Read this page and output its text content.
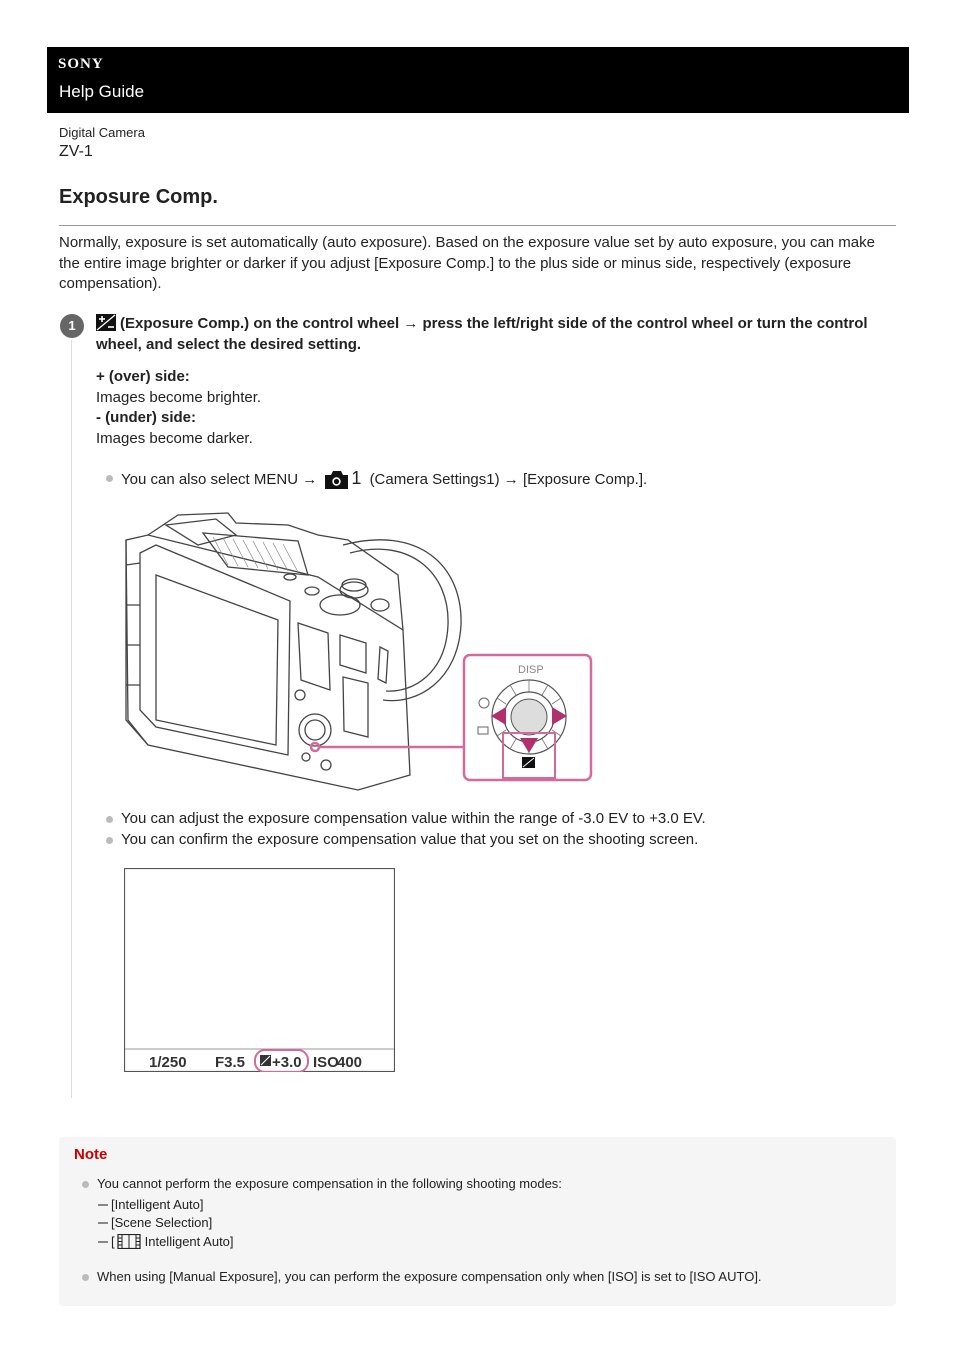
SONY
Help Guide
Digital Camera
ZV-1
Exposure Comp.
Normally, exposure is set automatically (auto exposure). Based on the exposure value set by auto exposure, you can make the entire image brighter or darker if you adjust [Exposure Comp.] to the plus side or minus side, respectively (exposure compensation).
1	(Exposure Comp.) on the control wheel → press the left/right side of the control wheel or turn the control wheel, and select the desired setting.
+ (over) side:
Images become brighter.
- (under) side:
Images become darker.
You can also select MENU → 1 (Camera Settings1) → [Exposure Comp.].
DISP
You can adjust the exposure compensation value within the range of -3.0 EV to +3.0 EV.
You can confirm the exposure compensation value that you set on the shooting screen.
1/250 F3.5 +3.0 ISO
400
Note
You cannot perform the exposure compensation in the following shooting modes:
[Intelligent Auto]
[Scene Selection]
[ Intelligent Auto]
When using [Manual Exposure], you can perform the exposure compensation only when [ISO] is set to [ISO AUTO].
